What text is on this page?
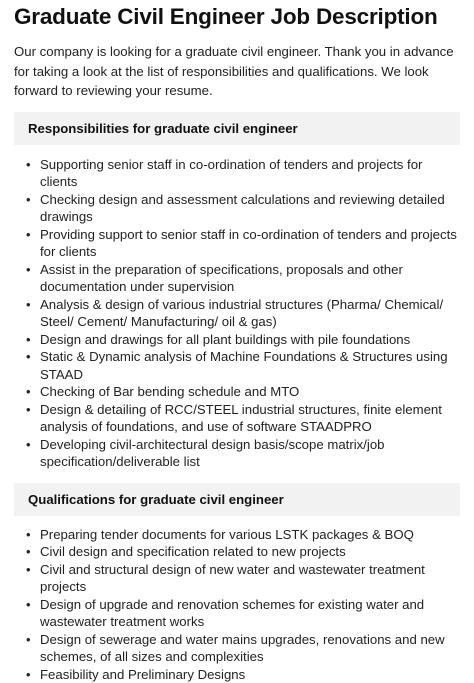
Graduate Civil Engineer Job Description

Our company is looking for a graduate civil engineer. Thank you in advance for taking a look at the list of responsibilities and qualifications. We look forward to reviewing your resume.

Responsibilities for graduate civil engineer
• Supporting senior staff in co-ordination of tenders and projects for clients
• Checking design and assessment calculations and reviewing detailed drawings
• Providing support to senior staff in co-ordination of tenders and projects for clients
• Assist in the preparation of specifications, proposals and other documentation under supervision
• Analysis & design of various industrial structures (Pharma/ Chemical/ Steel/ Cement/ Manufacturing/ oil & gas)
• Design and drawings for all plant buildings with pile foundations
• Static & Dynamic analysis of Machine Foundations & Structures using STAAD
• Checking of Bar bending schedule and MTO
• Design & detailing of RCC/STEEL industrial structures, finite element analysis of foundations, and use of software STAADPRO
• Developing civil-architectural design basis/scope matrix/job specification/deliverable list
Qualifications for graduate civil engineer
• Preparing tender documents for various LSTK packages & BOQ
• Civil design and specification related to new projects
• Civil and structural design of new water and wastewater treatment projects
• Design of upgrade and renovation schemes for existing water and wastewater treatment works
• Design of sewerage and water mains upgrades, renovations and new schemes, of all sizes and complexities
• Feasibility and Preliminary Designs
